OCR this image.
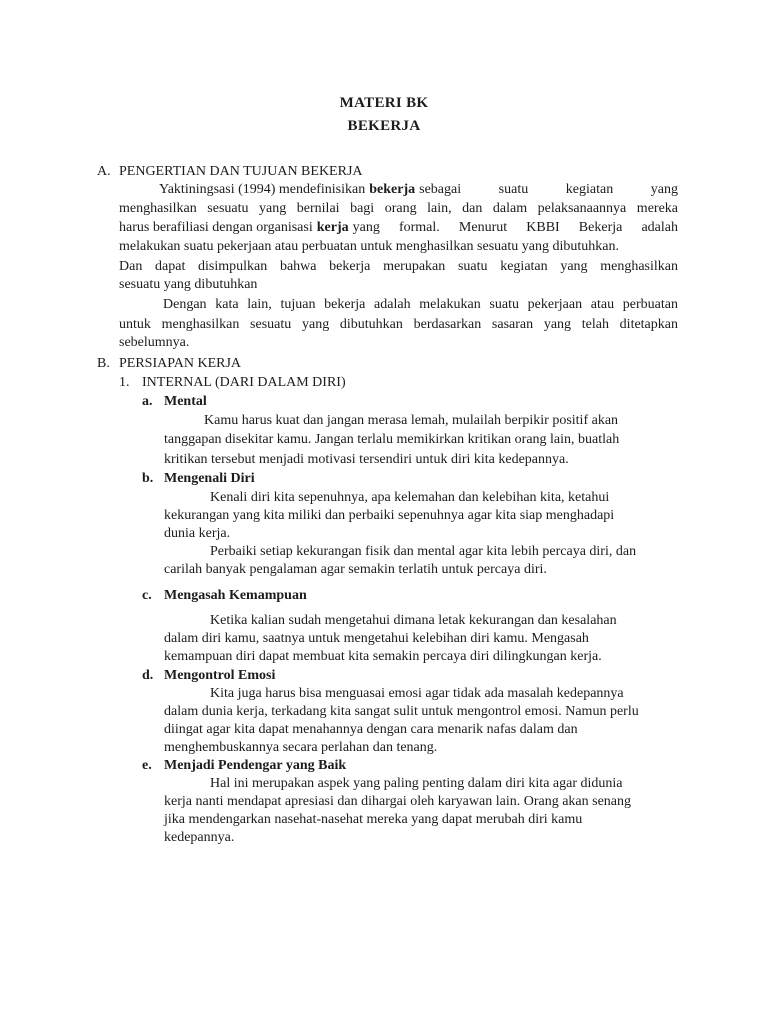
MATERI BK
BEKERJA
A. PENGERTIAN DAN TUJUAN BEKERJA
Yaktiningsasi (1994) mendefinisikan bekerja sebagai suatu kegiatan yang
menghasilkan sesuatu yang bernilai bagi orang lain, dan dalam pelaksanaannya mereka
harus berafiliasi dengan organisasi kerja yang formal. Menurut KBBI Bekerja adalah
melakukan suatu pekerjaan atau perbuatan untuk menghasilkan sesuatu yang dibutuhkan.
Dan dapat disimpulkan bahwa bekerja merupakan suatu kegiatan yang menghasilkan
sesuatu yang dibutuhkan
Dengan kata lain, tujuan bekerja adalah melakukan suatu pekerjaan atau perbuatan
untuk menghasilkan sesuatu yang dibutuhkan berdasarkan sasaran yang telah ditetapkan
sebelumnya.
B. PERSIAPAN KERJA
1. INTERNAL (DARI DALAM DIRI)
a. Mental
Kamu harus kuat dan jangan merasa lemah, mulailah berpikir positif akan
tanggapan disekitar kamu. Jangan terlalu memikirkan kritikan orang lain, buatlah
kritikan tersebut menjadi motivasi tersendiri untuk diri kita kedepannya.
b. Mengenali Diri
Kenali diri kita sepenuhnya, apa kelemahan dan kelebihan kita, ketahui
kekurangan yang kita miliki dan perbaiki sepenuhnya agar kita siap menghadapi
dunia kerja.
Perbaiki setiap kekurangan fisik dan mental agar kita lebih percaya diri, dan
carilah banyak pengalaman agar semakin terlatih untuk percaya diri.
c. Mengasah Kemampuan
Ketika kalian sudah mengetahui dimana letak kekurangan dan kesalahan
dalam diri kamu, saatnya untuk mengetahui kelebihan diri kamu. Mengasah
kemampuan diri dapat membuat kita semakin percaya diri dilingkungan kerja.
d. Mengontrol Emosi
Kita juga harus bisa menguasai emosi agar tidak ada masalah kedepannya
dalam dunia kerja, terkadang kita sangat sulit untuk mengontrol emosi. Namun perlu
diingat agar kita dapat menahannya dengan cara menarik nafas dalam dan
menghembuskannya secara perlahan dan tenang.
e. Menjadi Pendengar yang Baik
Hal ini merupakan aspek yang paling penting dalam diri kita agar didunia
kerja nanti mendapat apresiasi dan dihargai oleh karyawan lain. Orang akan senang
jika mendengarkan nasehat-nasehat mereka yang dapat merubah diri kamu
kedepannya.
